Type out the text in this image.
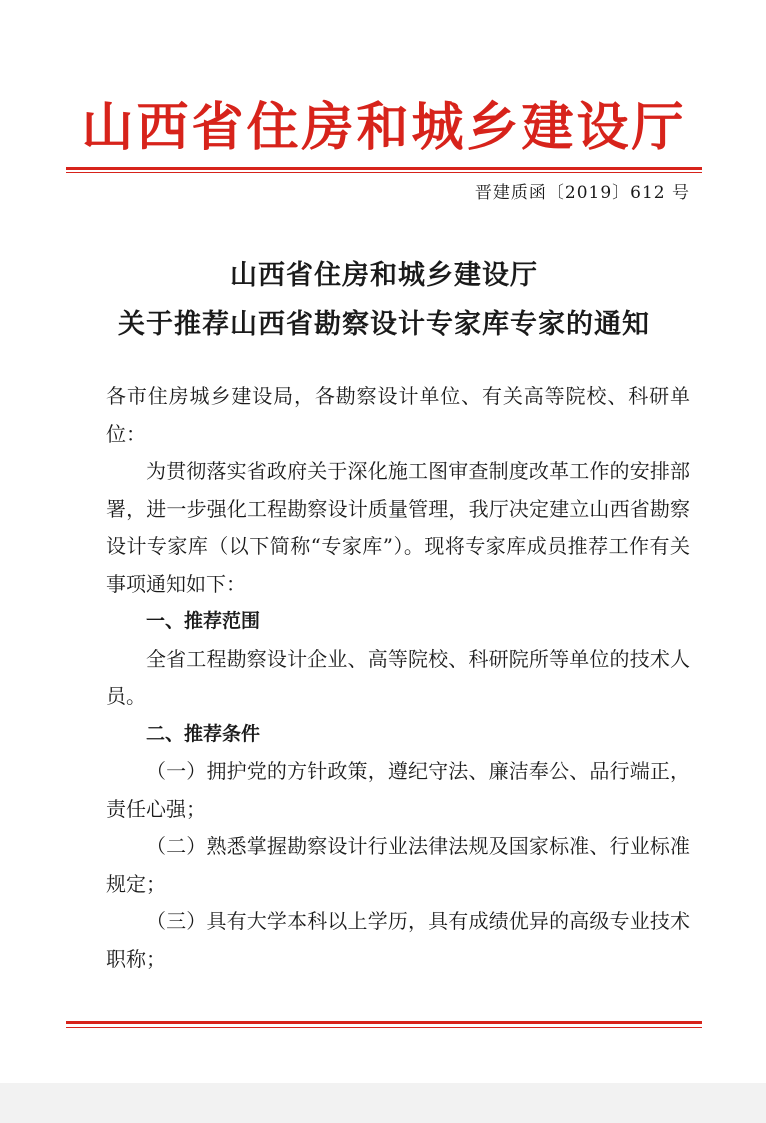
山西省住房和城乡建设厅
晋建质函〔2019〕612 号
山西省住房和城乡建设厅
关于推荐山西省勘察设计专家库专家的通知

各市住房城乡建设局，各勘察设计单位、有关高等院校、科研单位：

为贯彻落实省政府关于深化施工图审查制度改革工作的安排部署，进一步强化工程勘察设计质量管理，我厅决定建立山西省勘察设计专家库（以下简称“专家库”）。现将专家库成员推荐工作有关事项通知如下：

一、推荐范围

全省工程勘察设计企业、高等院校、科研院所等单位的技术人员。

二、推荐条件

（一）拥护党的方针政策，遵纪守法、廉洁奉公、品行端正，责任心强；

（二）熟悉掌握勘察设计行业法律法规及国家标准、行业标准规定；

（三）具有大学本科以上学历，具有成绩优异的高级专业技术职称；
